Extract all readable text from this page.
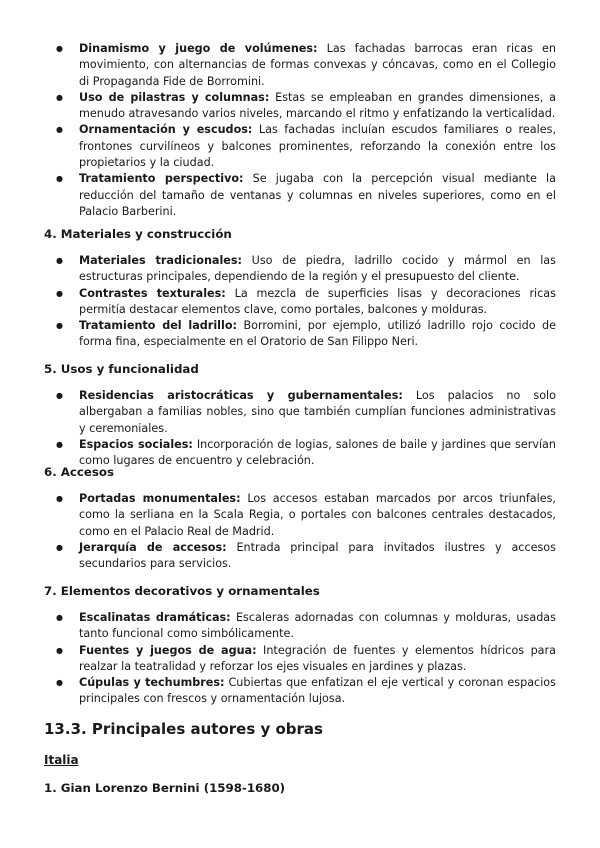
● Dinamismo y juego de volúmenes: Las fachadas barrocas eran ricas en movimiento, con alternancias de formas convexas y cóncavas, como en el Collegio di Propaganda Fide de Borromini.
● Uso de pilastras y columnas: Estas se empleaban en grandes dimensiones, a menudo atravesando varios niveles, marcando el ritmo y enfatizando la verticalidad.
● Ornamentación y escudos: Las fachadas incluían escudos familiares o reales, frontones curvilíneos y balcones prominentes, reforzando la conexión entre los propietarios y la ciudad.
● Tratamiento perspectivo: Se jugaba con la percepción visual mediante la reducción del tamaño de ventanas y columnas en niveles superiores, como en el Palacio Barberini.
4. Materiales y construcción
● Materiales tradicionales: Uso de piedra, ladrillo cocido y mármol en las estructuras principales, dependiendo de la región y el presupuesto del cliente.
● Contrastes texturales: La mezcla de superficies lisas y decoraciones ricas permitía destacar elementos clave, como portales, balcones y molduras.
● Tratamiento del ladrillo: Borromini, por ejemplo, utilizó ladrillo rojo cocido de forma fina, especialmente en el Oratorio de San Filippo Neri.
5. Usos y funcionalidad
● Residencias aristocráticas y gubernamentales: Los palacios no solo albergaban a familias nobles, sino que también cumplían funciones administrativas y ceremoniales.
● Espacios sociales: Incorporación de logias, salones de baile y jardines que servían como lugares de encuentro y celebración.
6. Accesos
● Portadas monumentales: Los accesos estaban marcados por arcos triunfales, como la serliana en la Scala Regia, o portales con balcones centrales destacados, como en el Palacio Real de Madrid.
● Jerarquía de accesos: Entrada principal para invitados ilustres y accesos secundarios para servicios.
7. Elementos decorativos y ornamentales
● Escalinatas dramáticas: Escaleras adornadas con columnas y molduras, usadas tanto funcional como simbólicamente.
● Fuentes y juegos de agua: Integración de fuentes y elementos hídricos para realzar la teatralidad y reforzar los ejes visuales en jardines y plazas.
● Cúpulas y techumbres: Cubiertas que enfatizan el eje vertical y coronan espacios principales con frescos y ornamentación lujosa.
13.3. Principales autores y obras
Italia
1. Gian Lorenzo Bernini (1598-1680)
